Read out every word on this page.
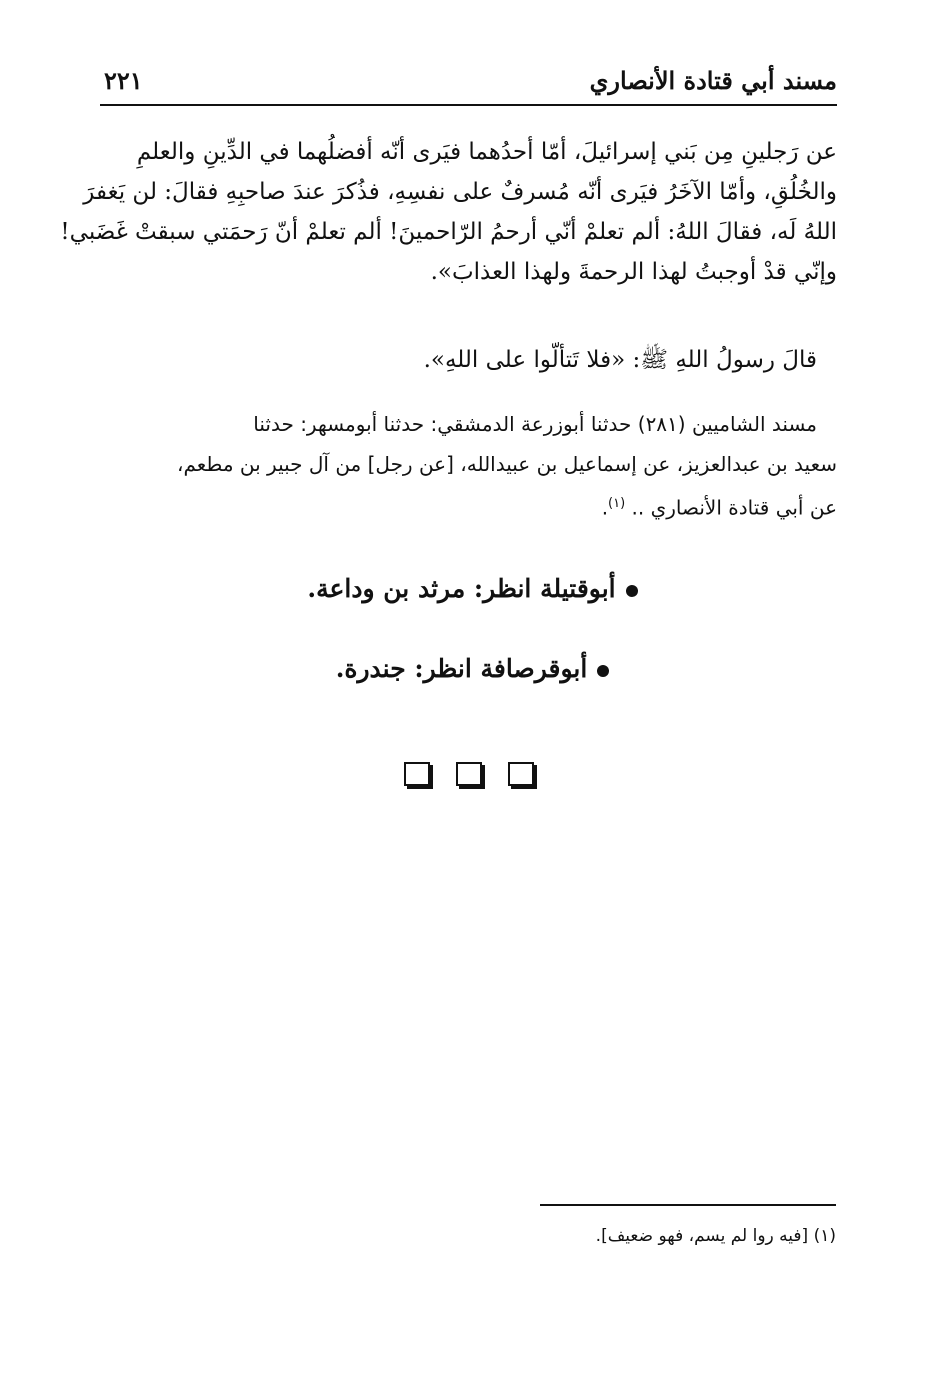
مسند أبي قتادة الأنصاري
٢٢١
عن رَجلينِ مِن بَني إسرائيلَ، أمّا أحدُهما فيَرى أنّه أفضلُهما في الدِّينِ والعلمِ
والخُلُقِ، وأمّا الآخَرُ فيَرى أنّه مُسرفٌ على نفسِهِ، فذُكرَ عندَ صاحبِهِ فقالَ: لن يَغفرَ
اللهُ لَه، فقالَ اللهُ: ألم تعلمْ أنّي أرحمُ الرّاحمينَ! ألم تعلمْ أنّ رَحمَتي سبقتْ غَضَبي!
وإنّي قدْ أوجبتُ لهذا الرحمةَ ولهذا العذابَ».
قالَ رسولُ اللهِ ﷺ: «فلا تَتألّوا على اللهِ».
مسند الشاميين (٢٨١) حدثنا أبوزرعة الدمشقي: حدثنا أبومسهر: حدثنا
سعيد بن عبدالعزيز، عن إسماعيل بن عبيدالله، [عن رجل] من آل جبير بن مطعم،
عن أبي قتادة الأنصاري .. $^{(١)}$.
أبوقتيلة انظر: مرثد بن وداعة.
أبوقرصافة انظر: جندرة.
(١) [فيه روا لم يسم، فهو ضعيف].
